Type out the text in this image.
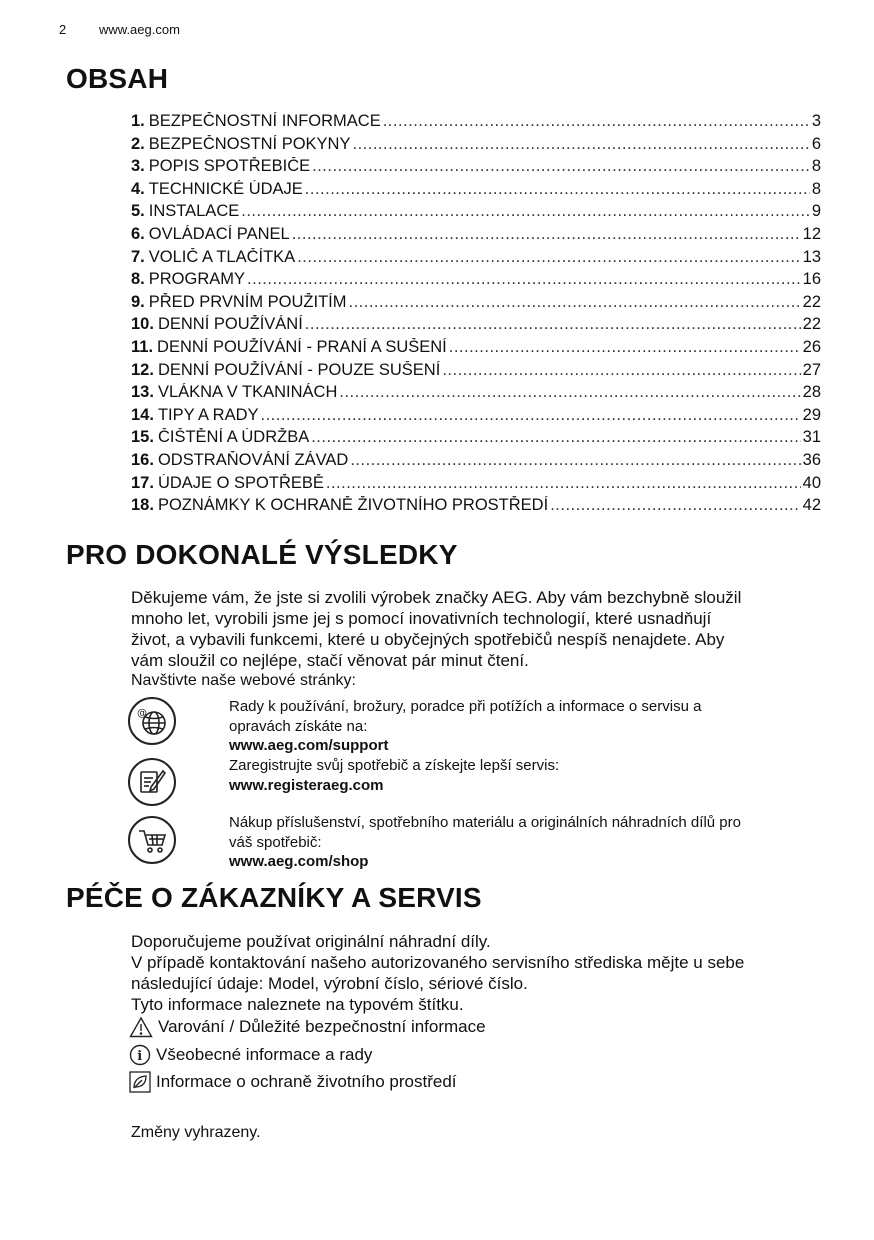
2	www.aeg.com
OBSAH
1. BEZPEČNOSTNÍ INFORMACE .....	3
2. BEZPEČNOSTNÍ POKYNY .....	6
3. POPIS SPOTŘEBIČE .....	8
4. TECHNICKÉ ÚDAJE .....	8
5. INSTALACE .....	9
6. OVLÁDACÍ PANEL .....	12
7. VOLIČ A TLAČÍTKA .....	13
8. PROGRAMY .....	16
9. PŘED PRVNÍM POUŽITÍM .....	22
10. DENNÍ POUŽÍVÁNÍ .....	22
11. DENNÍ POUŽÍVÁNÍ - PRANÍ A SUŠENÍ .....	26
12. DENNÍ POUŽÍVÁNÍ - POUZE SUŠENÍ .....	27
13. VLÁKNA V TKANINÁCH .....	28
14. TIPY A RADY .....	29
15. ČIŠTĚNÍ A ÚDRŽBA .....	31
16. ODSTRAŇOVÁNÍ ZÁVAD .....	36
17. ÚDAJE O SPOTŘEBĚ .....	40
18. POZNÁMKY K OCHRANĚ ŽIVOTNÍHO PROSTŘEDÍ .....	42
PRO DOKONALÉ VÝSLEDKY
Děkujeme vám, že jste si zvolili výrobek značky AEG. Aby vám bezchybně sloužil
mnoho let, vyrobili jsme jej s pomocí inovativních technologií, které usnadňují
život, a vybavili funkcemi, které u obyčejných spotřebičů nespíš nenajdete. Aby
vám sloužil co nejlépe, stačí věnovat pár minut čtení.
Navštivte naše webové stránky:
@	Rady k používání, brožury, poradce při potížích a informace o servisu a
opravách získáte na:
www.aeg.com/support
Zaregistrujte svůj spotřebič a získejte lepší servis:
www.registeraeg.com
Nákup příslušenství, spotřebního materiálu a originálních náhradních dílů pro
váš spotřebič:
www.aeg.com/shop
PÉČE O ZÁKAZNÍKY A SERVIS
Doporučujeme používat originální náhradní díly.
V případě kontaktování našeho autorizovaného servisního střediska mějte u sebe
následující údaje: Model, výrobní číslo, sériové číslo.
Tyto informace naleznete na typovém štítku.
Varování / Důležité bezpečnostní informace
i Všeobecné informace a rady
Informace o ochraně životního prostředí
Změny vyhrazeny.
